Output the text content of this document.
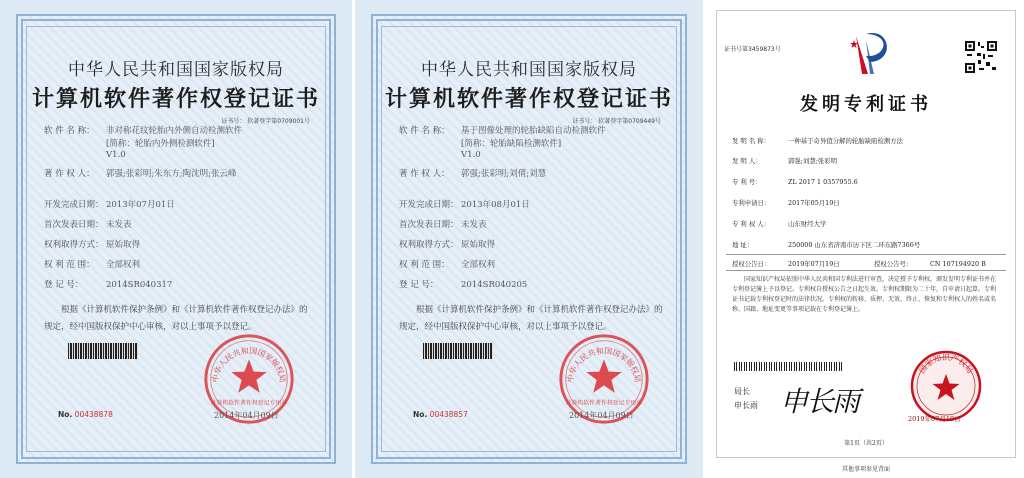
中华人民共和国国家版权局
计算机软件著作权登记证书
证书号： 软著登字第0709001号
软 件 名 称： 非对称花纹轮胎内外侧自动检测软件
[简称：轮胎内外侧检测软件]
V1.0
著 作 权 人： 郭强;张彩明;朱东方;陶沈明;张云峰
开发完成日期： 2013年07月01日
首次发表日期： 未发表
权利取得方式： 原始取得
权 利 范 围： 全部权利
登 记 号：	2014SR040317
根据《计算机软件保护条例》和《计算机软件著作权登记办法》的规定，经中国版权保护中心审核，对以上事项予以登记。
No. 00438878
中华人民共和国国家版权局
计算机软件著作权登记专用章
2014年04月09日
中华人民共和国国家版权局
计算机软件著作权登记证书
证书号： 软著登字第0709449号
软 件 名 称： 基于图像处理的轮胎缺陷自动检测软件
[简称：轮胎缺陷检测软件]
V1.0
著 作 权 人： 郭强;张彩明;刘倩;刘慧
开发完成日期： 2013年08月01日
首次发表日期： 未发表
权利取得方式： 原始取得
权 利 范 围： 全部权利
登 记 号：	2014SR040205
根据《计算机软件保护条例》和《计算机软件著作权登记办法》的规定，经中国版权保护中心审核，对以上事项予以登记。
No. 00438857
中华人民共和国国家版权局
计算机软件著作权登记专用章
2014年04月09日
证书号第3459873号
发明专利证书
发 明 名 称：	一种基于奇异值分解的轮胎缺陷检测方法
发 明 人：	郭强;刘慧;张彩明
专 利 号：	ZL 2017 1 0357955.6
专利申请日：	2017年05月19日
专 利 权 人：	山东财经大学
地 址：	250000 山东省济南市历下区二环东路7366号
授权公告日：	2019年07月19日	授权公告号：	CN 107194920 B
国家知识产权局依照中华人民共和国专利法进行审查，决定授予专利权，颁发发明专利证书并在专利登记簿上予以登记。专利权自授权公告之日起生效。专利权期限为二十年，自申请日起算。专利证书记载专利权登记时的法律状况。专利权的转移、质押、无效、终止、恢复和专利权人的姓名或名称、国籍、地址变更等事项记载在专利登记簿上。
局长
申长雨 申长雨
国家知识产权局
2019年07月19日
第1页（共2页）
其他事项参见背面
